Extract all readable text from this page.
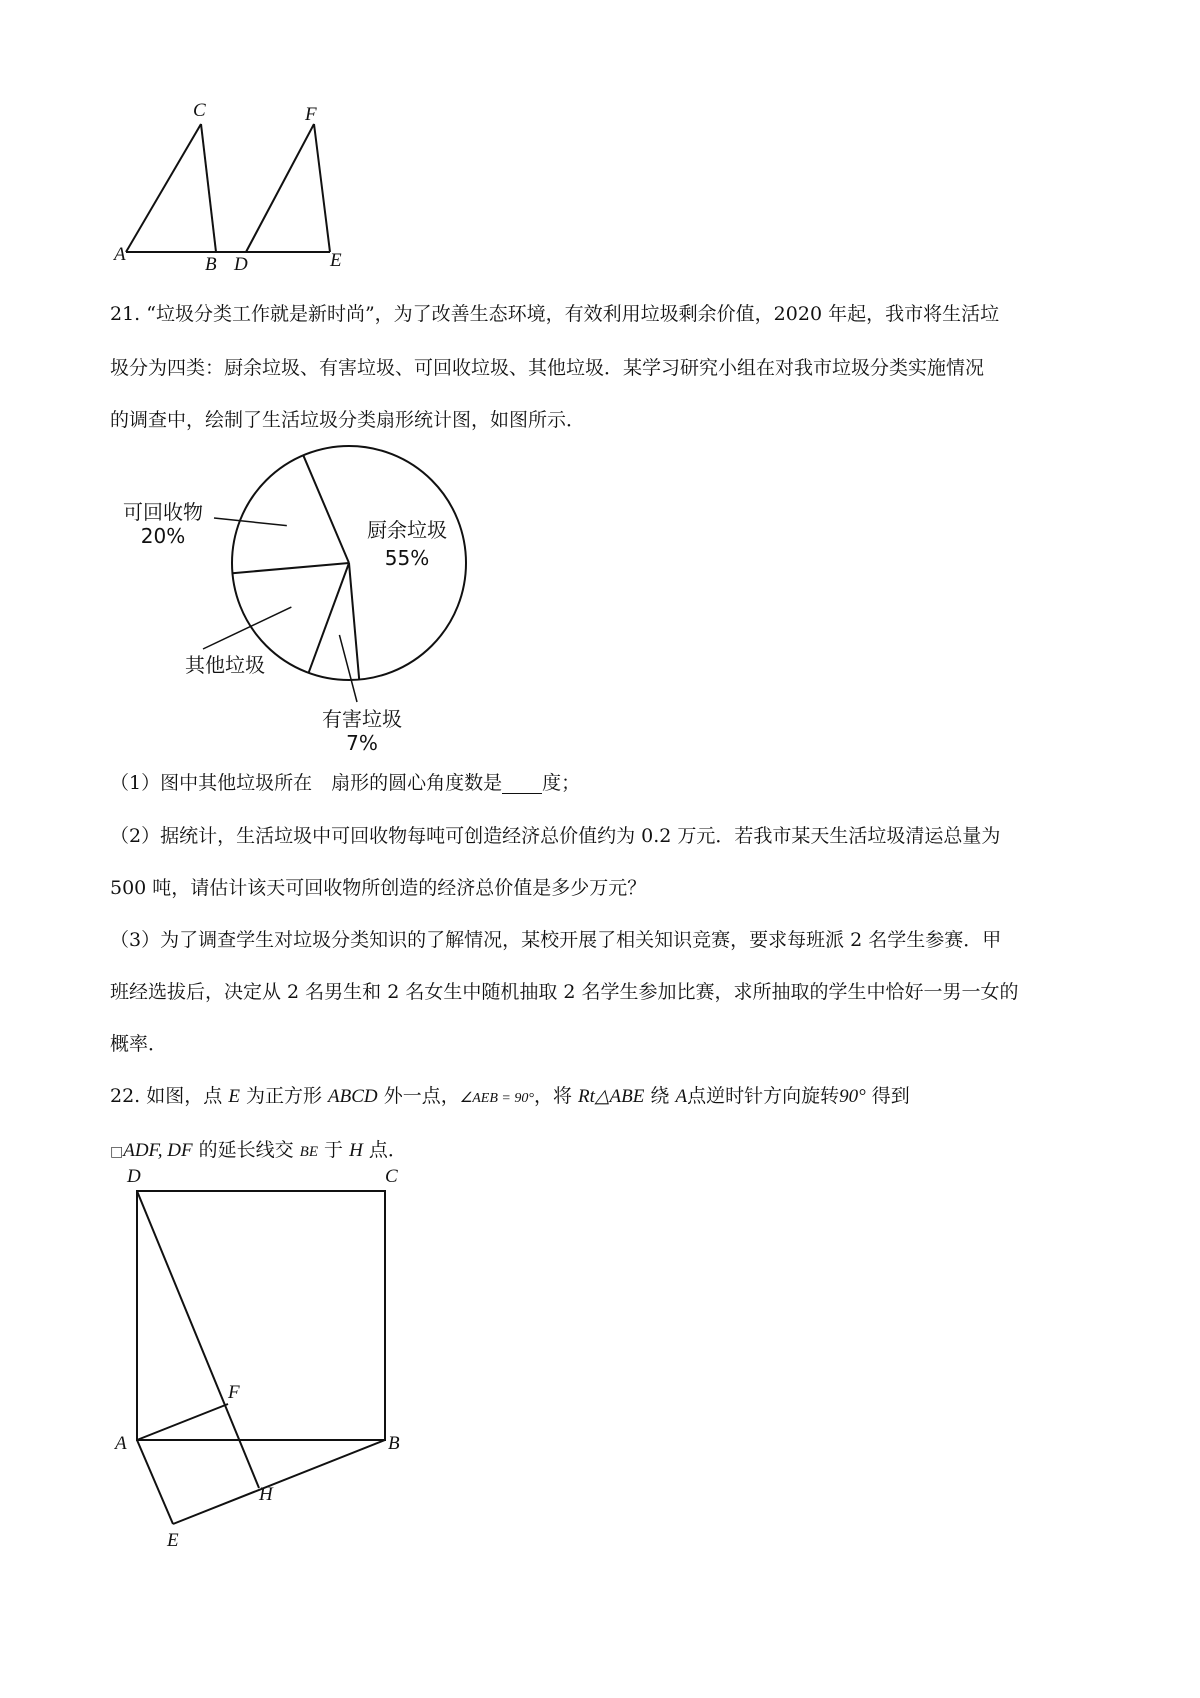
A	B
C
D	E
F
21. “垃圾分类工作就是新时尚”，为了改善生态环境，有效利用垃圾剩余价值，2020 年起，我市将生活垃
圾分为四类：厨余垃圾、有害垃圾、可回收垃圾、其他垃圾．某学习研究小组在对我市垃圾分类实施情况
的调查中，绘制了生活垃圾分类扇形统计图，如图所示．
可回收物
20%	厨余垃圾
55%
其他垃圾
有害垃圾
7%
（1）图中其他垃圾所在　扇形的圆心角度数是 度；
（2）据统计，生活垃圾中可回收物每吨可创造经济总价值约为 0.2 万元．若我市某天生活垃圾清运总量为
500 吨，请估计该天可回收物所创造的经济总价值是多少万元？
（3）为了调查学生对垃圾分类知识的了解情况，某校开展了相关知识竞赛，要求每班派 2 名学生参赛．甲
班经选拔后，决定从 2 名男生和 2 名女生中随机抽取 2 名学生参加比赛，求所抽取的学生中恰好一男一女的
概率．
22. 如图，点 E 为正方形 ABCD 外一点，∠AEB = 90°，将 Rt△ABE 绕 A点逆时针方向旋转90° 得到
□ADF, DF 的延长线交 BE 于 H 点．
D	C
F
A	B
H
E
